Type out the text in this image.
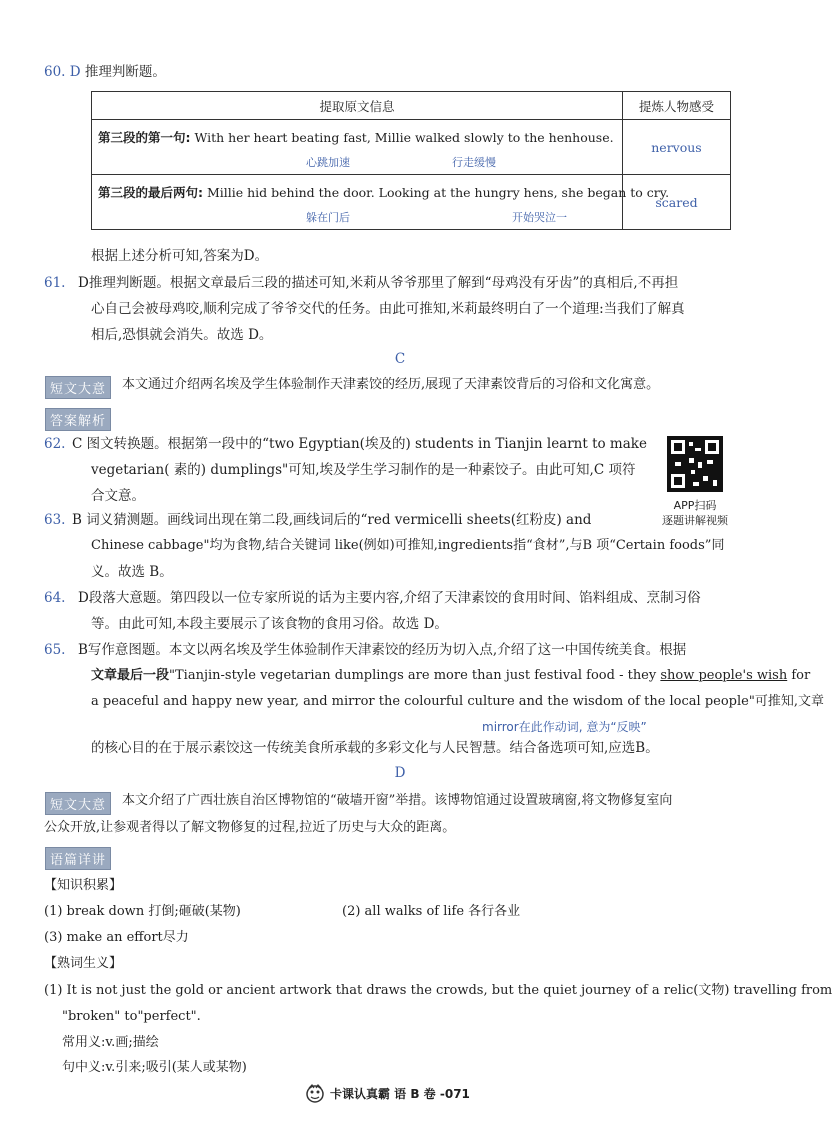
60. D 推理判断题。
提取原文信息	提炼人物感受

第三段的第一句: With her heart beating fast, Millie walked slowly to the henhouse.
心跳加速 行走缓慢	nervous

第三段的最后两句: Millie hid behind the door. Looking at the hungry hens, she began to cry.
躲在门后 开始哭泣一	scared
根据上述分析可知,答案为D。
61. D推理判断题。根据文章最后三段的描述可知,米莉从爷爷那里了解到“母鸡没有牙齿”的真相后,不再担
心自己会被母鸡咬,顺利完成了爷爷交代的任务。由此可推知,米莉最终明白了一个道理:当我们了解真
相后,恐惧就会消失。故选 D。
C
短文大意	本文通过介绍两名埃及学生体验制作天津素饺的经历,展现了天津素饺背后的习俗和文化寓意。
答案解析
62. C 图文转换题。根据第一段中的“two Egyptian(埃及的) students in Tianjin learnt to make
vegetarian( 素的) dumplings"可知,埃及学生学习制作的是一种素饺子。由此可知,C 项符
合文意。
APP扫码
逐题讲解视频
63. B 词义猜测题。画线词出现在第二段,画线词后的“red vermicelli sheets(红粉皮) and
Chinese cabbage"均为食物,结合关键词 like(例如)可推知,ingredients指“食材”,与B 项“Certain foods”同
义。故选 B。
64. D段落大意题。第四段以一位专家所说的话为主要内容,介绍了天津素饺的食用时间、馅料组成、烹制习俗
等。由此可知,本段主要展示了该食物的食用习俗。故选 D。
65. B写作意图题。本文以两名埃及学生体验制作天津素饺的经历为切入点,介绍了这一中国传统美食。根据
文章最后一段"Tianjin-style vegetarian dumplings are more than just festival food - they show people's wish for
a peaceful and happy new year, and mirror the colourful culture and the wisdom of the local people"可推知,文章
mirror在此作动词, 意为“反映”
的核心目的在于展示素饺这一传统美食所承载的多彩文化与人民智慧。结合备选项可知,应选B。
D
短文大意	本文介绍了广西壮族自治区博物馆的“破墙开窗”举措。该博物馆通过设置玻璃窗,将文物修复室向
公众开放,让参观者得以了解文物修复的过程,拉近了历史与大众的距离。
语篇详讲
【知识积累】
(1) break down 打倒;砸破(某物)	(2) all walks of life 各行各业
(3) make an effort尽力
【熟词生义】
(1) It is not just the gold or ancient artwork that draws the crowds, but the quiet journey of a relic(文物) travelling from
"broken" to"perfect".
常用义:v.画;描绘
句中义:v.引来;吸引(某人或某物)
卡课认真霸 语 B 卷 -071
